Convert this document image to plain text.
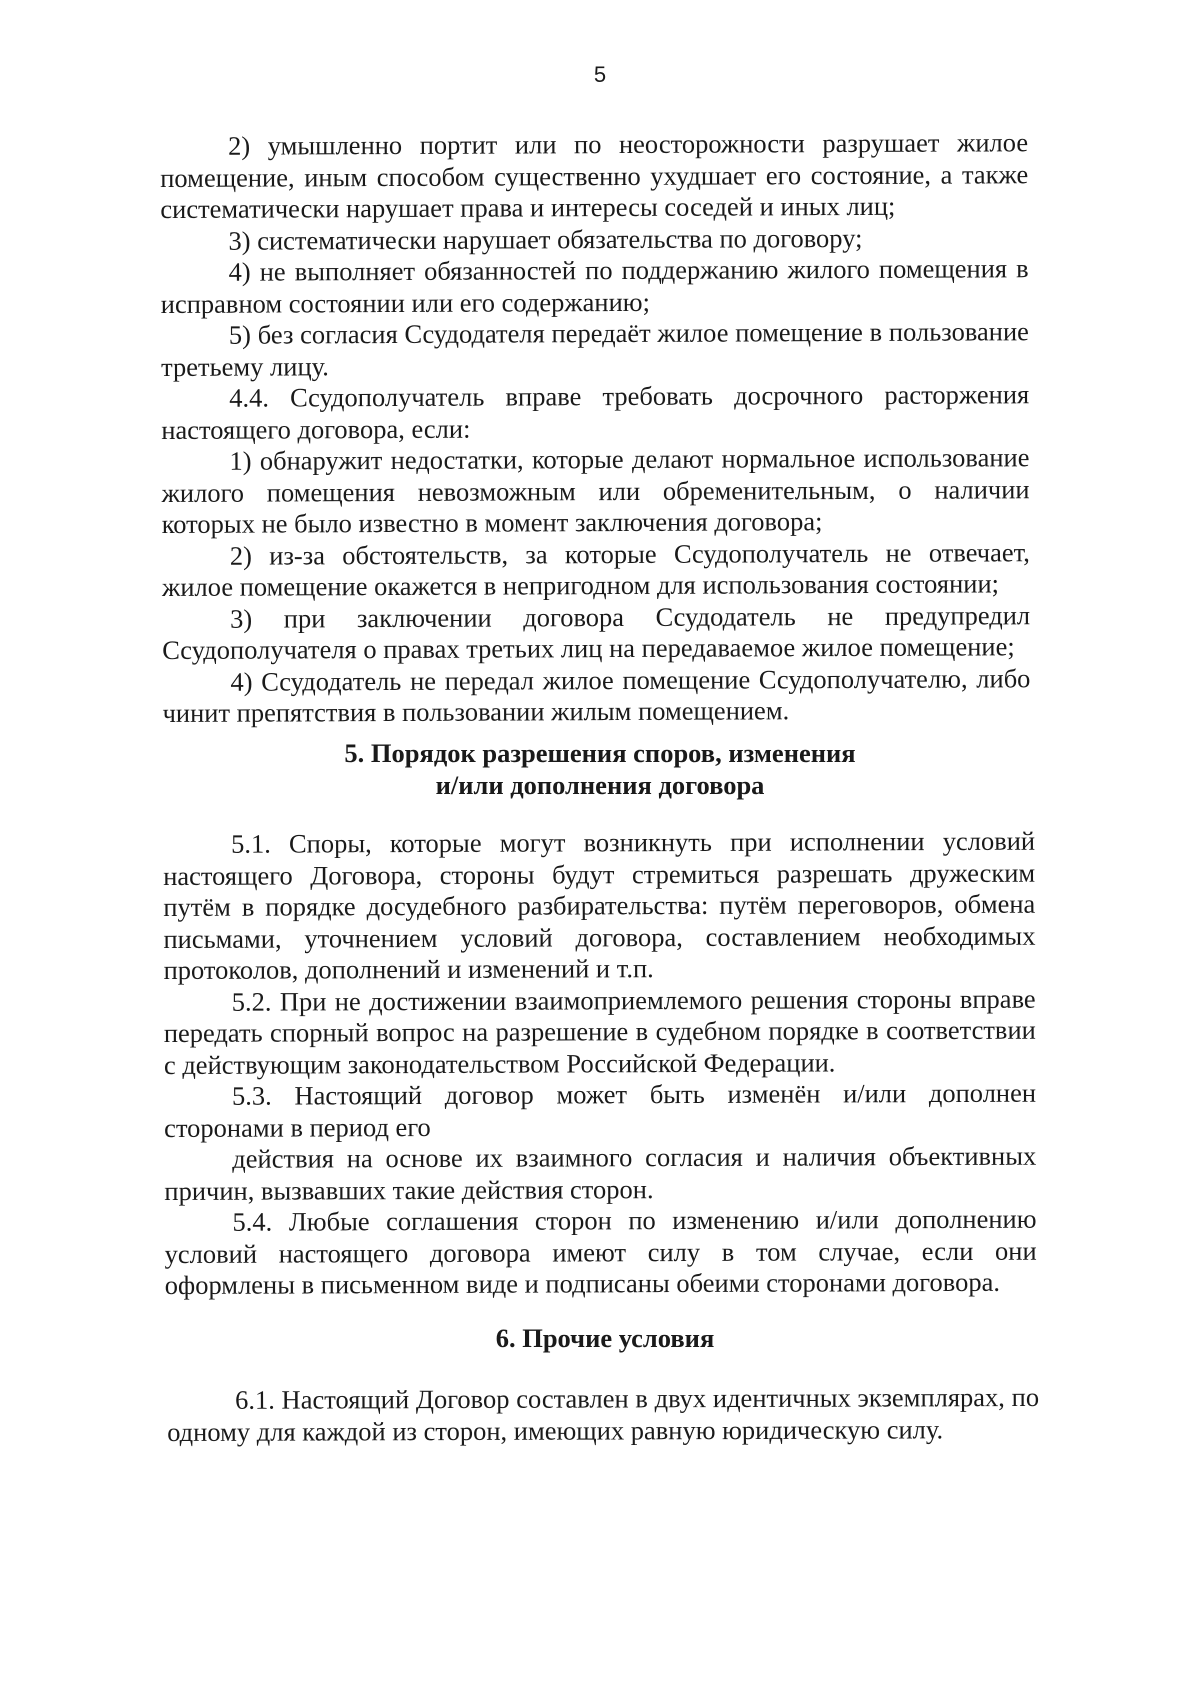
5

2) умышленно портит или по неосторожности разрушает жилое помещение, иным способом существенно ухудшает его состояние, а также систематически нарушает права и интересы соседей и иных лиц;

3) систематически нарушает обязательства по договору;

4) не выполняет обязанностей по поддержанию жилого помещения в исправном состоянии или его содержанию;

5) без согласия Ссудодателя передаёт жилое помещение в пользование третьему лицу.

4.4. Ссудополучатель вправе требовать досрочного расторжения настоящего договора, если:

1) обнаружит недостатки, которые делают нормальное использование жилого помещения невозможным или обременительным, о наличии которых не было известно в момент заключения договора;

2) из-за обстоятельств, за которые Ссудополучатель не отвечает, жилое помещение окажется в непригодном для использования состоянии;

3) при заключении договора Ссудодатель не предупредил Ссудополучателя о правах третьих лиц на передаваемое жилое помещение;

4) Ссудодатель не передал жилое помещение Ссудополучателю, либо чинит препятствия в пользовании жилым помещением.

5. Порядок разрешения споров, изменения
и/или дополнения договора

5.1. Споры, которые могут возникнуть при исполнении условий настоящего Договора, стороны будут стремиться разрешать дружеским путём в порядке досудебного разбирательства: путём переговоров, обмена письмами, уточнением условий договора, составлением необходимых протоколов, дополнений и изменений и т.п.

5.2. При не достижении взаимоприемлемого решения стороны вправе передать спорный вопрос на разрешение в судебном порядке в соответствии с действующим законодательством Российской Федерации.

5.3. Настоящий договор может быть изменён и/или дополнен сторонами в период его

действия на основе их взаимного согласия и наличия объективных причин, вызвавших такие действия сторон.

5.4. Любые соглашения сторон по изменению и/или дополнению условий настоящего договора имеют силу в том случае, если они оформлены в письменном виде и подписаны обеими сторонами договора.

6. Прочие условия

6.1. Настоящий Договор составлен в двух идентичных экземплярах, по одному для каждой из сторон, имеющих равную юридическую силу.
